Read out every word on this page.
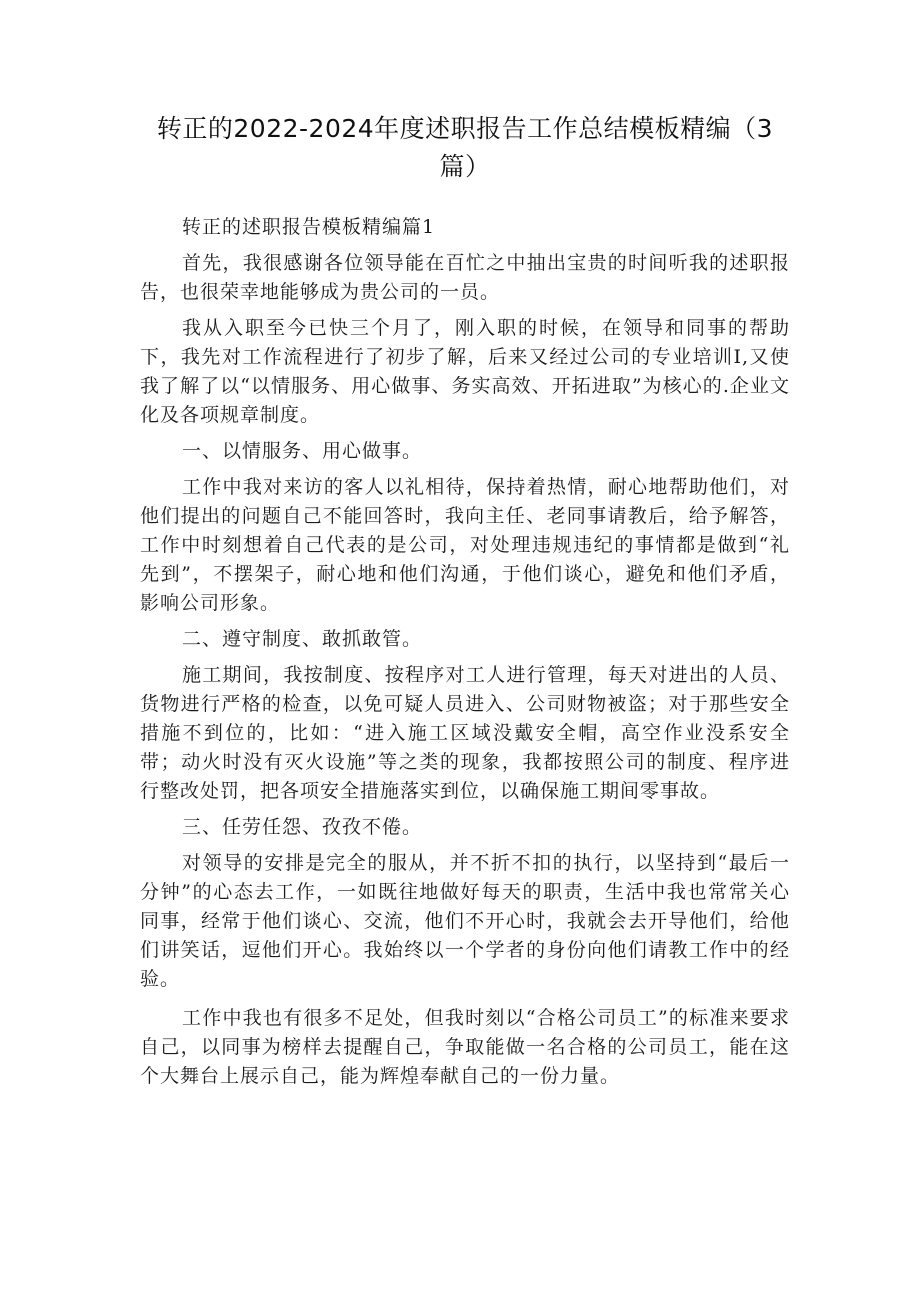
转正的2022-2024年度述职报告工作总结模板精编（3
篇）

转正的述职报告模板精编篇1

首先，我很感谢各位领导能在百忙之中抽出宝贵的时间听我的述职报告，也很荣幸地能够成为贵公司的一员。

我从入职至今已快三个月了，刚入职的时候，在领导和同事的帮助下，我先对工作流程进行了初步了解，后来又经过公司的专业培训I,又使我了解了以“以情服务、用心做事、务实高效、开拓进取”为核心的.企业文化及各项规章制度。

一、以情服务、用心做事。

工作中我对来访的客人以礼相待，保持着热情，耐心地帮助他们，对他们提出的问题自己不能回答时，我向主任、老同事请教后，给予解答，工作中时刻想着自己代表的是公司，对处理违规违纪的事情都是做到“礼先到”，不摆架子，耐心地和他们沟通，于他们谈心，避免和他们矛盾，影响公司形象。

二、遵守制度、敢抓敢管。

施工期间，我按制度、按程序对工人进行管理，每天对进出的人员、货物进行严格的检查，以免可疑人员进入、公司财物被盗；对于那些安全措施不到位的，比如：“进入施工区域没戴安全帽，高空作业没系安全带；动火时没有灭火设施”等之类的现象，我都按照公司的制度、程序进行整改处罚，把各项安全措施落实到位，以确保施工期间零事故。

三、任劳任怨、孜孜不倦。

对领导的安排是完全的服从，并不折不扣的执行，以坚持到“最后一分钟”的心态去工作，一如既往地做好每天的职责，生活中我也常常关心同事，经常于他们谈心、交流，他们不开心时，我就会去开导他们，给他们讲笑话，逗他们开心。我始终以一个学者的身份向他们请教工作中的经验。

工作中我也有很多不足处，但我时刻以“合格公司员工”的标准来要求自己，以同事为榜样去提醒自己，争取能做一名合格的公司员工，能在这个大舞台上展示自己，能为辉煌奉献自己的一份力量。
